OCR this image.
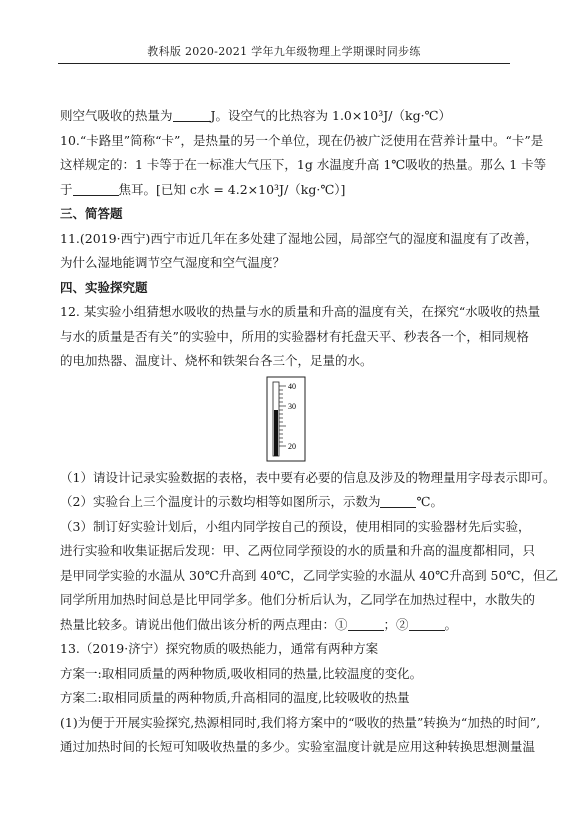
教科版 2020-2021 学年九年级物理上学期课时同步练
则空气吸收的热量为	J。设空气的比热容为 1.0×10³J/（kg·℃）
10.“卡路里”简称“卡”，是热量的另一个单位，现在仍被广泛使用在营养计量中。“卡”是
这样规定的：1 卡等于在一标准大气压下，1g 水温度升高 1℃吸收的热量。那么 1 卡等
于	焦耳。[已知 c水 = 4.2×10³J/（kg·℃）]
三、简答题
11.(2019·西宁)西宁市近几年在多处建了湿地公园，局部空气的湿度和温度有了改善，
为什么湿地能调节空气湿度和空气温度？
四、实验探究题
12. 某实验小组猜想水吸收的热量与水的质量和升高的温度有关，在探究“水吸收的热量
与水的质量是否有关”的实验中，所用的实验器材有托盘天平、秒表各一个，相同规格
的电加热器、温度计、烧杯和铁架台各三个，足量的水。
40
30
20
（1）请设计记录实验数据的表格，表中要有必要的信息及涉及的物理量用字母表示即可。
（2）实验台上三个温度计的示数均相等如图所示，示数为	℃。
（3）制订好实验计划后，小组内同学按自己的预设，使用相同的实验器材先后实验，
进行实验和收集证据后发现：甲、乙两位同学预设的水的质量和升高的温度都相同，只
是甲同学实验的水温从 30℃升高到 40℃，乙同学实验的水温从 40℃升高到 50℃，但乙
同学所用加热时间总是比甲同学多。他们分析后认为，乙同学在加热过程中，水散失的
热量比较多。请说出他们做出该分析的两点理由：①	；②	。
13.（2019·济宁）探究物质的吸热能力，通常有两种方案
方案一:取相同质量的两种物质,吸收相同的热量,比较温度的变化。
方案二:取相同质量的两种物质,升高相同的温度,比较吸收的热量
(1)为便于开展实验探究,热源相同时,我们将方案中的“吸收的热量”转换为“加热的时间”,
通过加热时间的长短可知吸收热量的多少。实验室温度计就是应用这种转换思想测量温
